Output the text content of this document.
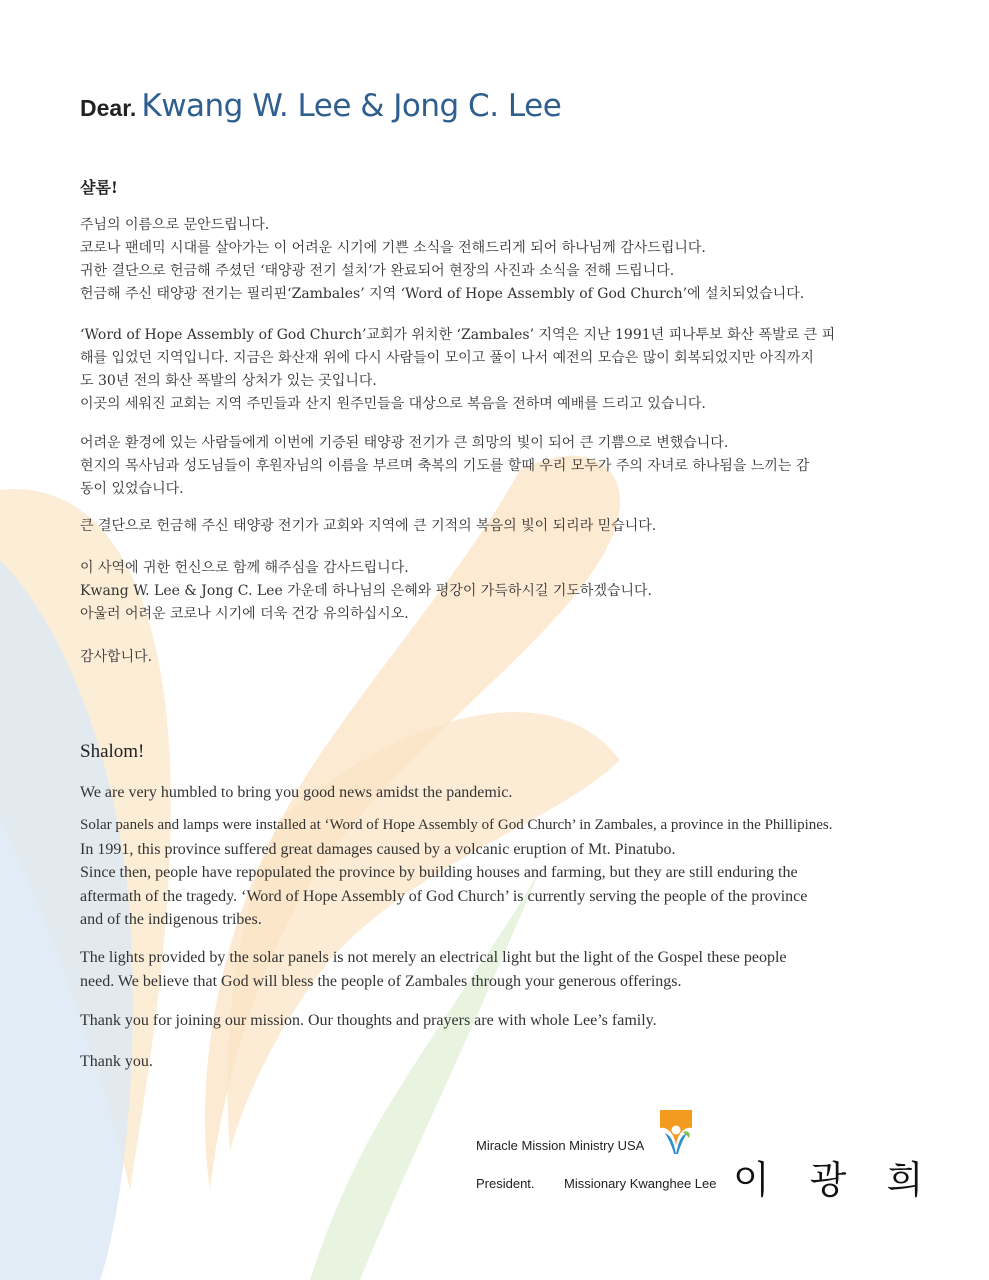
Dear. Kwang W. Lee & Jong C. Lee
샬롬!

주님의 이름으로 문안드립니다.

코로나 팬데믹 시대를 살아가는 이 어려운 시기에 기쁜 소식을 전해드리게 되어 하나님께 감사드립니다.

귀한 결단으로 헌금해 주셨던 ‘태양광 전기 설치’가 완료되어 현장의 사진과 소식을 전해 드립니다.

헌금해 주신 태양광 전기는 필리핀‘Zambales’ 지역 ‘Word of Hope Assembly of God Church’에 설치되었습니다.

‘Word of Hope Assembly of God Church’교회가 위치한 ‘Zambales’ 지역은 지난 1991년 피나투보 화산 폭발로 큰 피

해를 입었던 지역입니다. 지금은 화산재 위에 다시 사람들이 모이고 풀이 나서 예전의 모습은 많이 회복되었지만 아직까지

도 30년 전의 화산 폭발의 상처가 있는 곳입니다.

이곳의 세워진 교회는 지역 주민들과 산지 원주민들을 대상으로 복음을 전하며 예배를 드리고 있습니다.

어려운 환경에 있는 사람들에게 이번에 기증된 태양광 전기가 큰 희망의 빛이 되어 큰 기쁨으로 변했습니다.

현지의 목사님과 성도님들이 후원자님의 이름을 부르며 축복의 기도를 할때 우리 모두가 주의 자녀로 하나됨을 느끼는 감

동이 있었습니다.

큰 결단으로 헌금해 주신 태양광 전기가 교회와 지역에 큰 기적의 복음의 빛이 되리라 믿습니다.

이 사역에 귀한 헌신으로 함께 해주심을 감사드립니다.

Kwang W. Lee & Jong C. Lee 가운데 하나님의 은혜와 평강이 가득하시길 기도하겠습니다.

아울러 어려운 코로나 시기에 더욱 건강 유의하십시오.

감사합니다.

Shalom!

We are very humbled to bring you good news amidst the pandemic.

Solar panels and lamps were installed at ‘Word of Hope Assembly of God Church’ in Zambales, a province in the Phillipines.

In 1991, this province suffered great damages caused by a volcanic eruption of Mt. Pinatubo.

Since then, people have repopulated the province by building houses and farming, but they are still enduring the

aftermath of the tragedy. ‘Word of Hope Assembly of God Church’ is currently serving the people of the province

and of the indigenous tribes.

The lights provided by the solar panels is not merely an electrical light but the light of the Gospel these people

need. We believe that God will bless the people of Zambales through your generous offerings.

Thank you for joining our mission. Our thoughts and prayers are with whole Lee’s family.

Thank you.

Miracle Mission Ministry USA
President. Missionary Kwanghee Lee 이 광 희
